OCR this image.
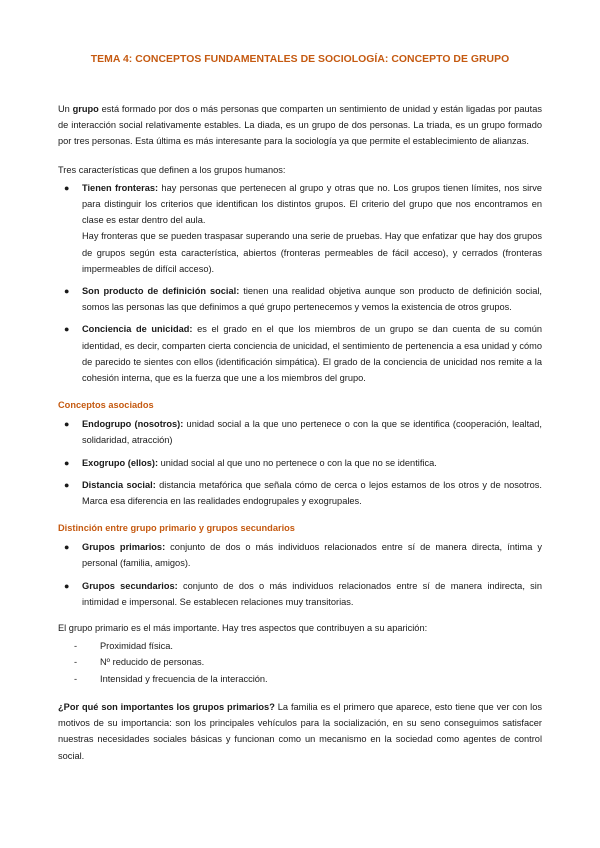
TEMA 4: CONCEPTOS FUNDAMENTALES DE SOCIOLOGÍA: CONCEPTO DE GRUPO

Un grupo está formado por dos o más personas que comparten un sentimiento de unidad y están ligadas por pautas de interacción social relativamente estables. La diada, es un grupo de dos personas. La triada, es un grupo formado por tres personas. Esta última es más interesante para la sociología ya que permite el establecimiento de alianzas.

Tres características que definen a los grupos humanos:

● Tienen fronteras: hay personas que pertenecen al grupo y otras que no. Los grupos tienen límites, nos sirve para distinguir los criterios que identifican los distintos grupos. El criterio del grupo que nos encontramos en clase es estar dentro del aula.
Hay fronteras que se pueden traspasar superando una serie de pruebas. Hay que enfatizar que hay dos grupos de grupos según esta característica, abiertos (fronteras permeables de fácil acceso), y cerrados (fronteras impermeables de difícil acceso).
● Son producto de definición social: tienen una realidad objetiva aunque son producto de definición social, somos las personas las que definimos a qué grupo pertenecemos y vemos la existencia de otros grupos.
● Conciencia de unicidad: es el grado en el que los miembros de un grupo se dan cuenta de su común identidad, es decir, comparten cierta conciencia de unicidad, el sentimiento de pertenencia a esa unidad y cómo de parecido te sientes con ellos (identificación simpática). El grado de la conciencia de unicidad nos remite a la cohesión interna, que es la fuerza que une a los miembros del grupo.
Conceptos asociados
● Endogrupo (nosotros): unidad social a la que uno pertenece o con la que se identifica (cooperación, lealtad, solidaridad, atracción)
● Exogrupo (ellos): unidad social al que uno no pertenece o con la que no se identifica.
● Distancia social: distancia metafórica que señala cómo de cerca o lejos estamos de los otros y de nosotros. Marca esa diferencia en las realidades endogrupales y exogrupales.
Distinción entre grupo primario y grupos secundarios
● Grupos primarios: conjunto de dos o más individuos relacionados entre sí de manera directa, íntima y personal (familia, amigos).
● Grupos secundarios: conjunto de dos o más individuos relacionados entre sí de manera indirecta, sin intimidad e impersonal. Se establecen relaciones muy transitorias.

El grupo primario es el más importante. Hay tres aspectos que contribuyen a su aparición:

- Proximidad física.
- Nº reducido de personas.
- Intensidad y frecuencia de la interacción.

¿Por qué son importantes los grupos primarios? La familia es el primero que aparece, esto tiene que ver con los motivos de su importancia: son los principales vehículos para la socialización, en su seno conseguimos satisfacer nuestras necesidades sociales básicas y funcionan como un mecanismo en la sociedad como agentes de control social.
